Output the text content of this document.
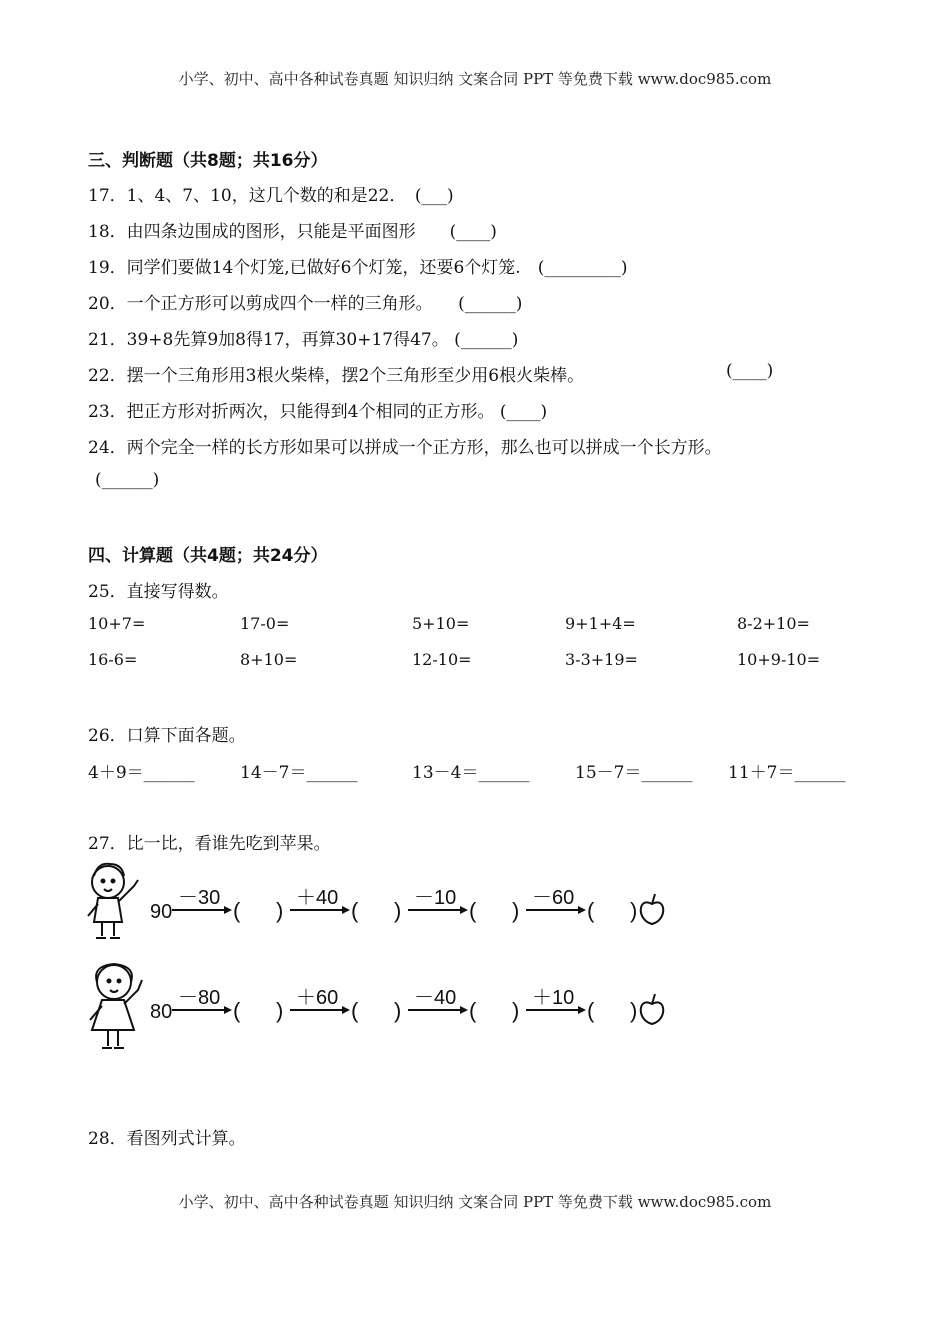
小学、初中、高中各种试卷真题 知识归纳 文案合同 PPT 等免费下载 www.doc985.com
三、判断题（共8题；共16分）
17．1、4、7、10，这几个数的和是22．　(___)
18．由四条边围成的图形，只能是平面图形　　(____)
19．同学们要做14个灯笼,已做好6个灯笼，还要6个灯笼.　(_________)
20．一个正方形可以剪成四个一样的三角形。　　(______)
21．39+8先算9加8得17，再算30+17得47。 (______)
22．摆一个三角形用3根火柴棒，摆2个三角形至少用6根火柴棒。	(____)
23．把正方形对折两次，只能得到4个相同的正方形。 (____)
24．两个完全一样的长方形如果可以拼成一个正方形，那么也可以拼成一个长方形。
(______)
四、计算题（共4题；共24分）
25．直接写得数。
10+7=	17-0=	5+10=	9+1+4=	8-2+10=
16-6=	8+10=	12-10=	3-3+19=	10+9-10=
26．口算下面各题。
4＋9＝______	14－7＝______	13－4＝______	15－7＝______ 11＋7＝______
27．比一比，看谁先吃到苹果。
90
－30 ( ) ＋40 ( ) －10 ( ) －60 ( )
80
－80 ( ) ＋60 ( ) －40 ( ) ＋10 ( )
28．看图列式计算。
小学、初中、高中各种试卷真题 知识归纳 文案合同 PPT 等免费下载 www.doc985.com
